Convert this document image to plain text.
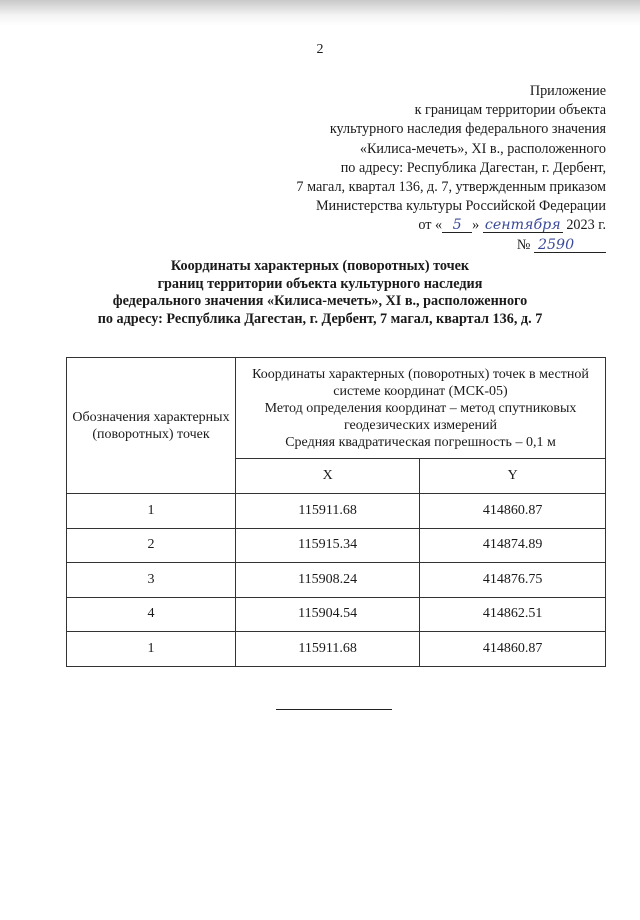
2
Приложение
к границам территории объекта
культурного наследия федерального значения
«Килиса-мечеть», XI в., расположенного
по адресу: Республика Дагестан, г. Дербент,
7 магал, квартал 136, д. 7, утвержденным приказом
Министерства культуры Российской Федерации
от « 5 » сентября 2023 г.
№ 2590
Координаты характерных (поворотных) точек
границ территории объекта культурного наследия
федерального значения «Килиса-мечеть», XI в., расположенного
по адресу: Республика Дагестан, г. Дербент, 7 магал, квартал 136, д. 7
Обозначения характерных (поворотных) точек	Координаты характерных (поворотных) точек в местной системе координат (МСК-05)
Метод определения координат – метод спутниковых геодезических измерений
Средняя квадратическая погрешность – 0,1 м	

	X	Y
1	115911.68	414860.87
2	115915.34	414874.89
3	115908.24	414876.75
4	115904.54	414862.51
1	115911.68	414860.87
